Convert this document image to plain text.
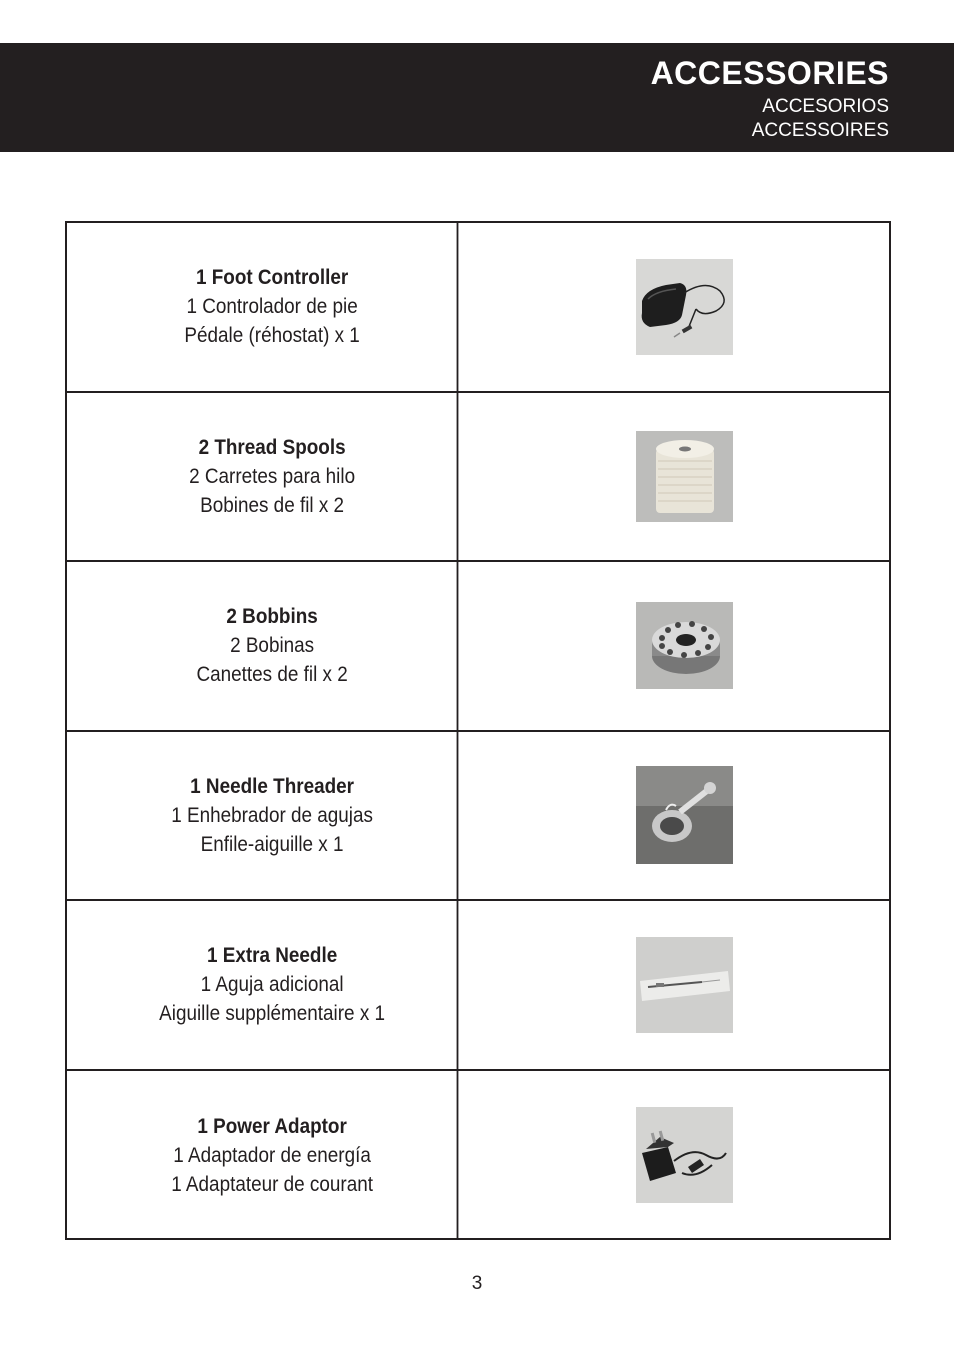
ACCESSORIES
ACCESORIOS
ACCESSOIRES
1 Foot Controller
1 Controlador de pie
Pédale (réhostat) x 1
2 Thread Spools
2 Carretes para hilo
Bobines de fil x 2
2 Bobbins
2 Bobinas
Canettes de fil x 2
1 Needle Threader
1 Enhebrador de agujas
Enfile-aiguille x 1
1 Extra Needle
1 Aguja adicional
Aiguille supplémentaire x 1
1 Power Adaptor
1 Adaptador de energía
1 Adaptateur de courant
3
